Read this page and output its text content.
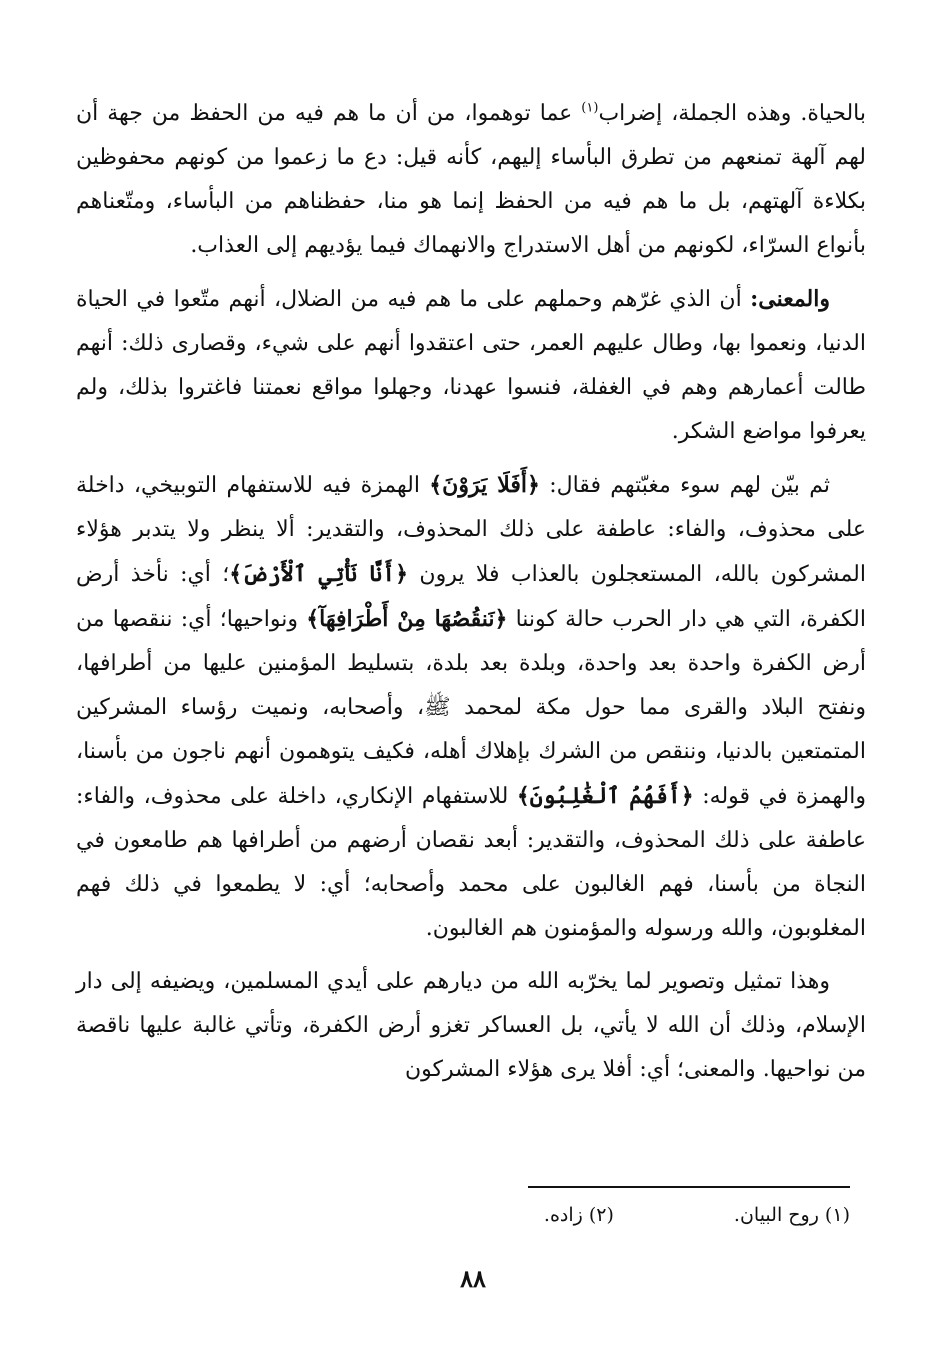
بالحياة. وهذه الجملة، إضراب$^{(١)}$ عما توهموا، من أن ما هم فيه من الحفظ من جهة أن لهم آلهة تمنعهم من تطرق البأساء إليهم، كأنه قيل: دع ما زعموا من كونهم محفوظين بكلاءة آلهتهم، بل ما هم فيه من الحفظ إنما هو منا، حفظناهم من البأساء، ومتّعناهم بأنواع السرّاء، لكونهم من أهل الاستدراج والانهماك فيما يؤديهم إلى العذاب.

والمعنى: أن الذي غرّهم وحملهم على ما هم فيه من الضلال، أنهم متّعوا في الحياة الدنيا، ونعموا بها، وطال عليهم العمر، حتى اعتقدوا أنهم على شيء، وقصارى ذلك: أنهم طالت أعمارهم وهم في الغفلة، فنسوا عهدنا، وجهلوا مواقع نعمتنا فاغتروا بذلك، ولم يعرفوا مواضع الشكر.

ثم بيّن لهم سوء مغبّتهم فقال: ﴿أَفَلَا يَرَوْنَ﴾ الهمزة فيه للاستفهام التوبيخي، داخلة على محذوف، والفاء: عاطفة على ذلك المحذوف، والتقدير: ألا ينظر ولا يتدبر هؤلاء المشركون بالله، المستعجلون بالعذاب فلا يرون ﴿أَنَّا نَأْتِي ٱلْأَرْضَ﴾؛ أي: نأخذ أرض الكفرة، التي هي دار الحرب حالة كوننا ﴿نَنقُصُهَا مِنْ أَطْرَافِهَآ﴾ ونواحيها؛ أي: ننقصها من أرض الكفرة واحدة بعد واحدة، وبلدة بعد بلدة، بتسليط المؤمنين عليها من أطرافها، ونفتح البلاد والقرى مما حول مكة لمحمد ﷺ، وأصحابه، ونميت رؤساء المشركين المتمتعين بالدنيا، وننقص من الشرك بإهلاك أهله، فكيف يتوهمون أنهم ناجون من بأسنا، والهمزة في قوله: ﴿أَفَهُمُ ٱلْغَٰلِبُونَ﴾ للاستفهام الإنكاري، داخلة على محذوف، والفاء: عاطفة على ذلك المحذوف، والتقدير: أبعد نقصان أرضهم من أطرافها هم طامعون في النجاة من بأسنا، فهم الغالبون على محمد وأصحابه؛ أي: لا يطمعوا في ذلك فهم المغلوبون، والله ورسوله والمؤمنون هم الغالبون.

وهذا تمثيل وتصوير لما يخرّبه الله من ديارهم على أيدي المسلمين، ويضيفه إلى دار الإسلام، وذلك أن الله لا يأتي، بل العساكر تغزو أرض الكفرة، وتأتي غالبة عليها ناقصة من نواحيها. والمعنى؛ أي: أفلا يرى هؤلاء المشركون

(١) روح البيان.
(٢) زاده.
٨٨
